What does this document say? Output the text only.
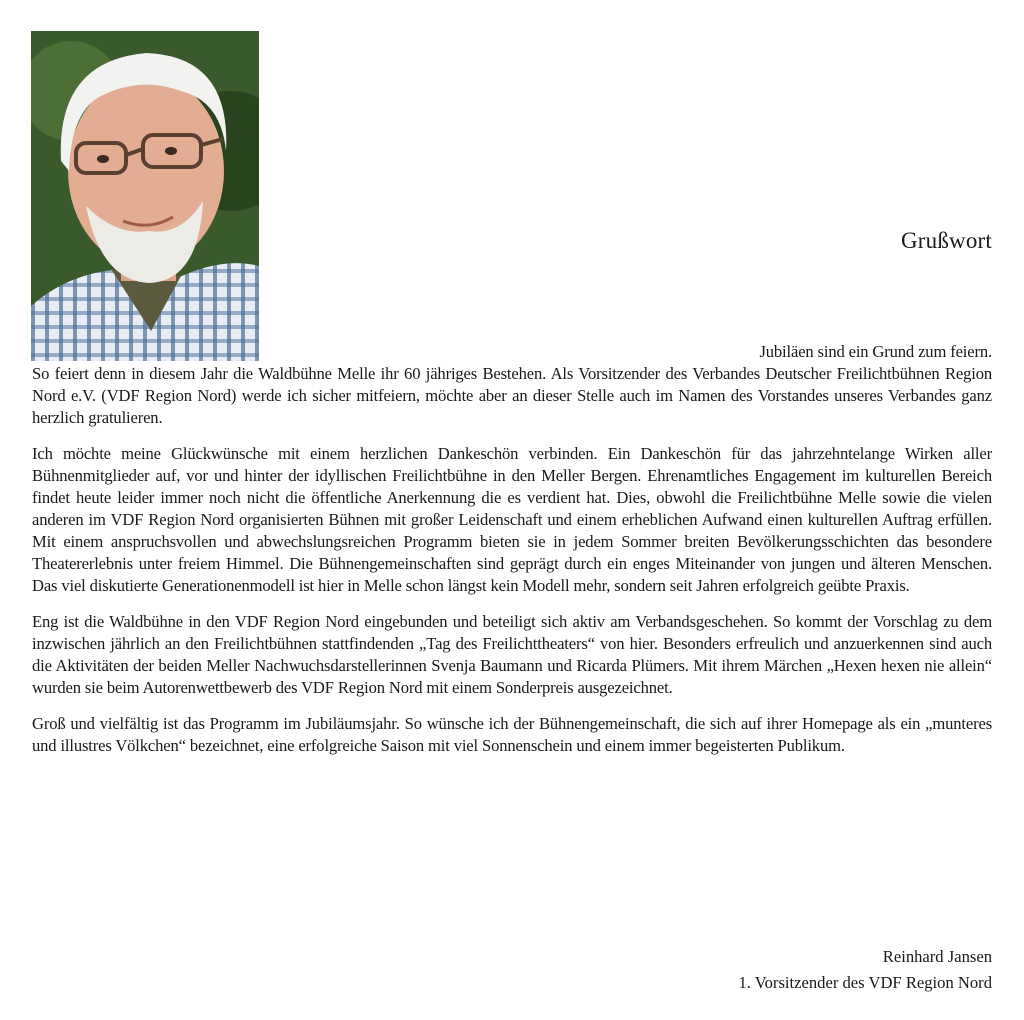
Grußwort

Jubiläen sind ein Grund zum feiern.

So feiert denn in diesem Jahr die Waldbühne Melle ihr 60 jähriges Bestehen. Als Vorsitzender des Verbandes Deutscher Freilichtbühnen Region Nord e.V. (VDF Region Nord) werde ich sicher mitfeiern, möchte aber an dieser Stelle auch im Namen des Vorstandes unseres Verbandes ganz herzlich gratulieren.

Ich möchte meine Glückwünsche mit einem herzlichen Dankeschön verbinden. Ein Dankeschön für das jahrzehntelange Wirken aller Bühnenmitglieder auf, vor und hinter der idyllischen Freilichtbühne in den Meller Bergen. Ehrenamtliches Engagement im kulturellen Bereich findet heute leider immer noch nicht die öffentliche Anerkennung die es verdient hat. Dies, obwohl die Freilichtbühne Melle sowie die vielen anderen im VDF Region Nord organisierten Bühnen mit großer Leidenschaft und einem erheblichen Aufwand einen kulturellen Auftrag erfüllen. Mit einem anspruchsvollen und abwechslungsreichen Programm bieten sie in jedem Sommer breiten Bevölkerungsschichten das besondere Theatererlebnis unter freiem Himmel. Die Bühnengemeinschaften sind geprägt durch ein enges Miteinander von jungen und älteren Menschen. Das viel diskutierte Generationenmodell ist hier in Melle schon längst kein Modell mehr, sondern seit Jahren erfolgreich geübte Praxis.

Eng ist die Waldbühne in den VDF Region Nord eingebunden und beteiligt sich aktiv am Verbandsgeschehen. So kommt der Vorschlag zu dem inzwischen jährlich an den Freilichtbühnen stattfindenden „Tag des Freilichttheaters“ von hier. Besonders erfreulich und anzuerkennen sind auch die Aktivitäten der beiden Meller Nachwuchsdarstellerinnen Svenja Baumann und Ricarda Plümers. Mit ihrem Märchen „Hexen hexen nie allein“ wurden sie beim Autorenwettbewerb des VDF Region Nord mit einem Sonderpreis ausgezeichnet.

Groß und vielfältig ist das Programm im Jubiläumsjahr. So wünsche ich der Bühnengemeinschaft, die sich auf ihrer Homepage als ein „munteres und illustres Völkchen“ bezeichnet, eine erfolgreiche Saison mit viel Sonnenschein und einem immer begeisterten Publikum.

Reinhard Jansen
1. Vorsitzender des VDF Region Nord
